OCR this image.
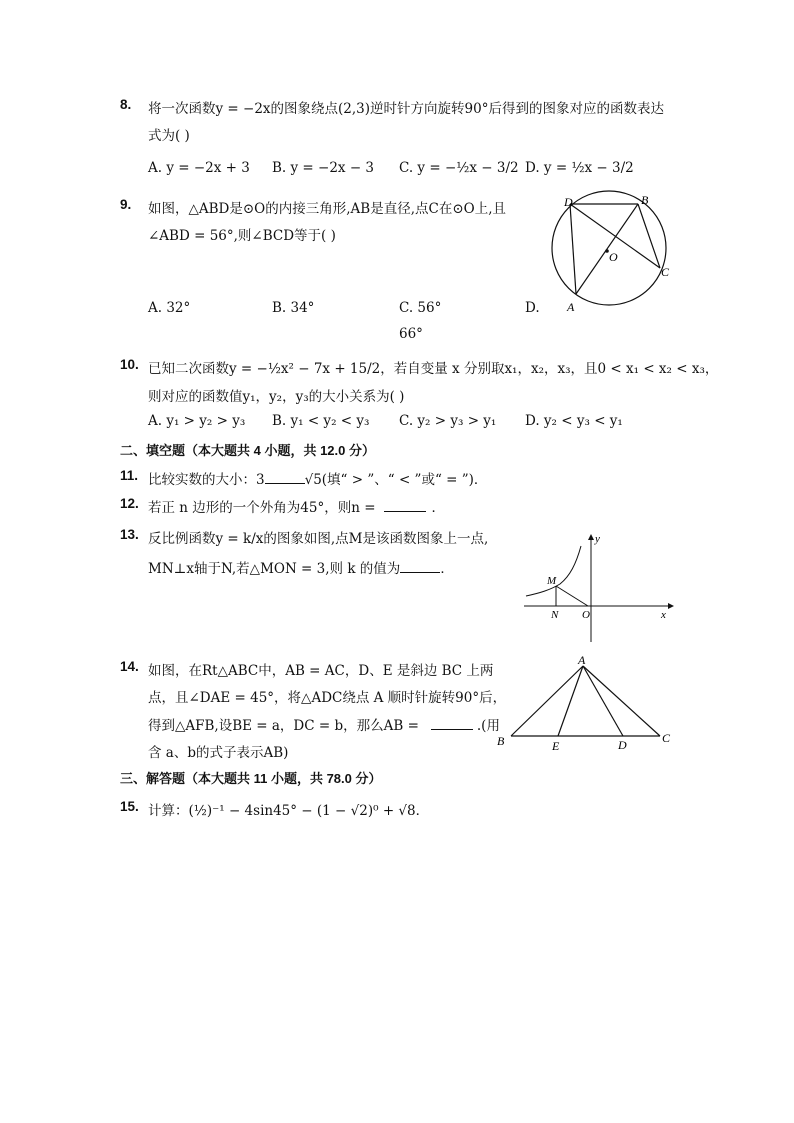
8. 将一次函数y = −2x的图象绕点(2,3)逆时针方向旋转90°后得到的图象对应的函数表达
式为( )
A. y = −2x + 3 B. y = −2x − 3 C. y = −½x − 3/2 D. y = ½x − 3/2
9. 如图，△ABD是⊙O的内接三角形,AB是直径,点C在⊙O上,且
∠ABD = 56°,则∠BCD等于( )
A. 32°	B. 34°	C. 56°	D.
66°
D	B
O
C
A
10. 已知二次函数y = −½x² − 7x + 15/2，若自变量 x 分别取x₁，x₂，x₃，且0 < x₁ < x₂ < x₃，
则对应的函数值y₁，y₂，y₃的大小关系为( )
A. y₁ > y₂ > y₃ B. y₁ < y₂ < y₃ C. y₂ > y₃ > y₁ D. y₂ < y₃ < y₁
二、填空题（本大题共 4 小题，共 12.0 分）
11. 比较实数的大小：3	√5(填“ > ”、“ < ”或“ = ”)．
12. 若正 n 边形的一个外角为45°，则n =	．
13. 反比例函数y = k/x的图象如图,点M是该函数图象上一点,
MN⊥x轴于N,若△MON = 3,则 k 的值为	．
y
M
N O	x
14. 如图，在Rt△ABC中，AB = AC，D、E 是斜边 BC 上两
点，且∠DAE = 45°，将△ADC绕点 A 顺时针旋转90°后，
得到△AFB,设BE = a，DC = b，那么AB =	.(用
含 a、b的式子表示AB)
A
B	E	D	C
三、解答题（本大题共 11 小题，共 78.0 分）
15. 计算：(½)⁻¹ − 4sin45° − (1 − √2)⁰ + √8．
